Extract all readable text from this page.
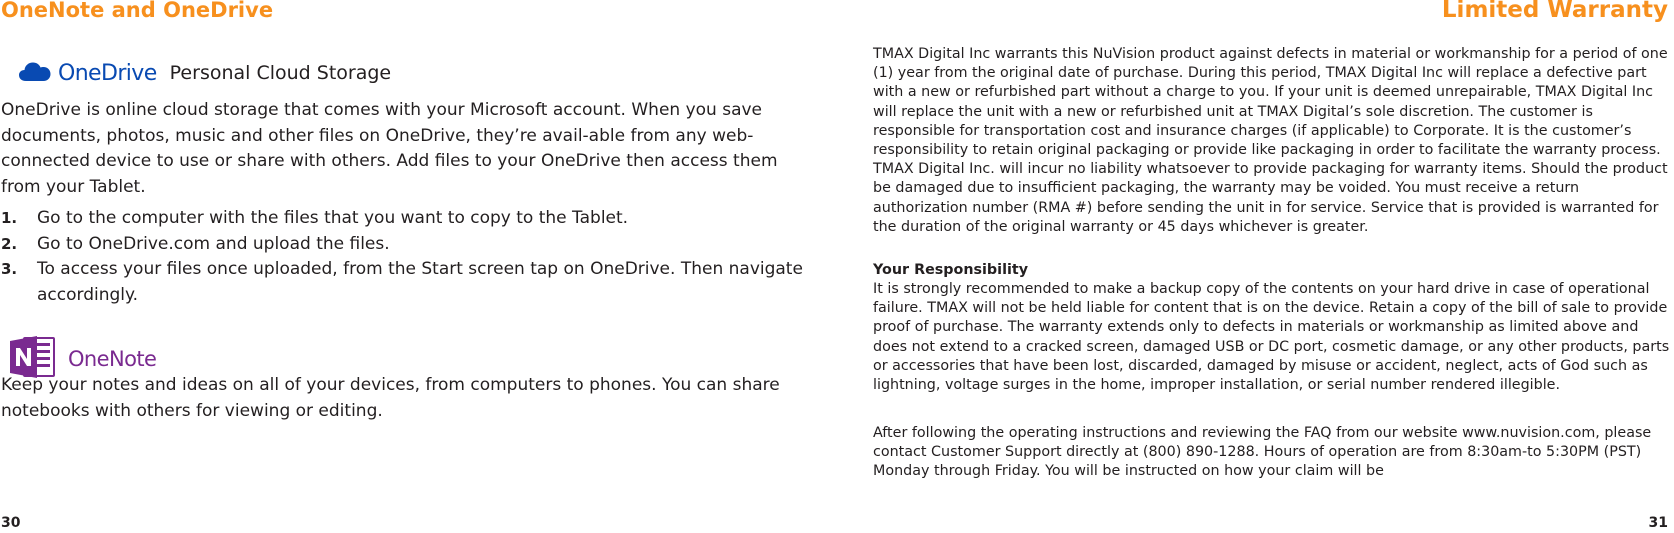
OneNote and OneDrive
OneDrive Personal Cloud Storage

OneDrive is online cloud storage that comes with your Microsoft account. When you save documents, photos, music and other files on OneDrive, they’re avail-able from any web-connected device to use or share with others. Add files to your OneDrive then access them from your Tablet.

1. Go to the computer with the files that you want to copy to the Tablet.
2. Go to OneDrive.com and upload the files.
3. To access your files once uploaded, from the Start screen tap on OneDrive. Then navigate accordingly.
OneNote

Keep your notes and ideas on all of your devices, from computers to phones. You can share notebooks with others for viewing or editing.

30
Limited Warranty

TMAX Digital Inc warrants this NuVision product against defects in material or workmanship for a period of one (1) year from the original date of purchase. During this period, TMAX Digital Inc will replace a defective part with a new or refurbished part without a charge to you. If your unit is deemed unrepairable, TMAX Digital Inc will replace the unit with a new or refurbished unit at TMAX Digital’s sole discretion. The customer is responsible for transportation cost and insurance charges (if applicable) to Corporate. It is the customer’s responsibility to retain original packaging or provide like packaging in order to facilitate the warranty process. TMAX Digital Inc. will incur no liability whatsoever to provide packaging for warranty items. Should the product be damaged due to insufficient packaging, the warranty may be voided. You must receive a return authorization number (RMA #) before sending the unit in for service. Service that is provided is warranted for the duration of the original warranty or 45 days whichever is greater.

Your Responsibility

It is strongly recommended to make a backup copy of the contents on your hard drive in case of operational failure. TMAX will not be held liable for content that is on the device. Retain a copy of the bill of sale to provide proof of purchase. The warranty extends only to defects in materials or workmanship as limited above and does not extend to a cracked screen, damaged USB or DC port, cosmetic damage, or any other products, parts or accessories that have been lost, discarded, damaged by misuse or accident, neglect, acts of God such as lightning, voltage surges in the home, improper installation, or serial number rendered illegible.

After following the operating instructions and reviewing the FAQ from our website www.nuvision.com, please contact Customer Support directly at (800) 890-1288. Hours of operation are from 8:30am-to 5:30PM (PST) Monday through Friday. You will be instructed on how your claim will be

31
